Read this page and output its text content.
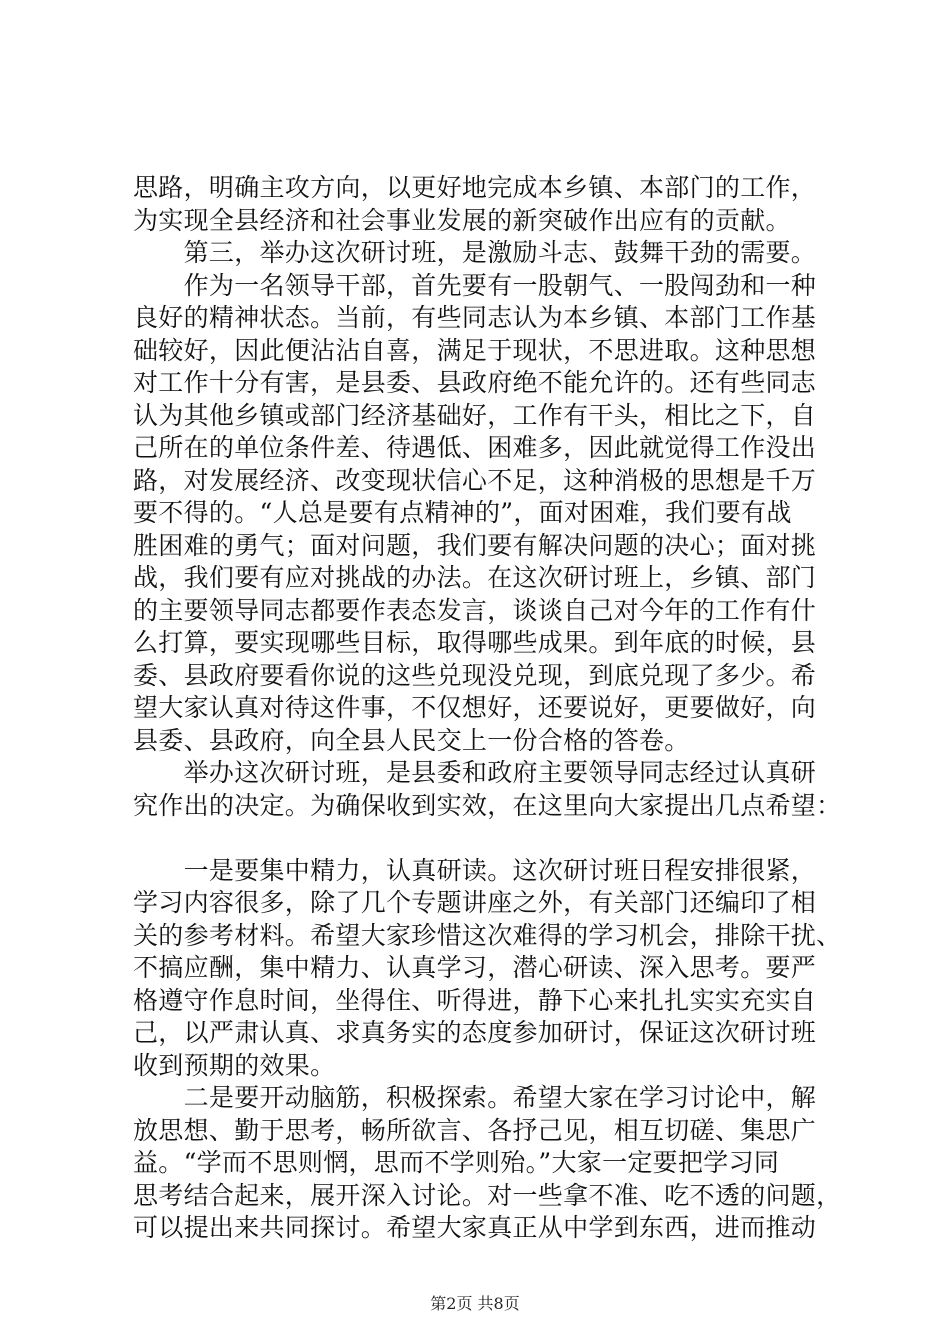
思路，明确主攻方向，以更好地完成本乡镇、本部门的工作，
为实现全县经济和社会事业发展的新突破作出应有的贡献。
　　第三，举办这次研讨班，是激励斗志、鼓舞干劲的需要。
　　作为一名领导干部，首先要有一股朝气、一股闯劲和一种
良好的精神状态。当前，有些同志认为本乡镇、本部门工作基
础较好，因此便沾沾自喜，满足于现状，不思进取。这种思想
对工作十分有害，是县委、县政府绝不能允许的。还有些同志
认为其他乡镇或部门经济基础好，工作有干头，相比之下，自
己所在的单位条件差、待遇低、困难多，因此就觉得工作没出
路，对发展经济、改变现状信心不足，这种消极的思想是千万
要不得的。“人总是要有点精神的”，面对困难，我们要有战
胜困难的勇气；面对问题，我们要有解决问题的决心；面对挑
战，我们要有应对挑战的办法。在这次研讨班上，乡镇、部门
的主要领导同志都要作表态发言，谈谈自己对今年的工作有什
么打算，要实现哪些目标，取得哪些成果。到年底的时候，县
委、县政府要看你说的这些兑现没兑现，到底兑现了多少。希
望大家认真对待这件事，不仅想好，还要说好，更要做好，向
县委、县政府，向全县人民交上一份合格的答卷。
　　举办这次研讨班，是县委和政府主要领导同志经过认真研
究作出的决定。为确保收到实效，在这里向大家提出几点希望：
　　一是要集中精力，认真研读。这次研讨班日程安排很紧，
学习内容很多，除了几个专题讲座之外，有关部门还编印了相
关的参考材料。希望大家珍惜这次难得的学习机会，排除干扰、
不搞应酬，集中精力、认真学习，潜心研读、深入思考。要严
格遵守作息时间，坐得住、听得进，静下心来扎扎实实充实自
己，以严肃认真、求真务实的态度参加研讨，保证这次研讨班
收到预期的效果。
　　二是要开动脑筋，积极探索。希望大家在学习讨论中，解
放思想、勤于思考，畅所欲言、各抒己见，相互切磋、集思广
益。“学而不思则惘，思而不学则殆。”大家一定要把学习同
思考结合起来，展开深入讨论。对一些拿不准、吃不透的问题，
可以提出来共同探讨。希望大家真正从中学到东西，进而推动
第2页 共8页
